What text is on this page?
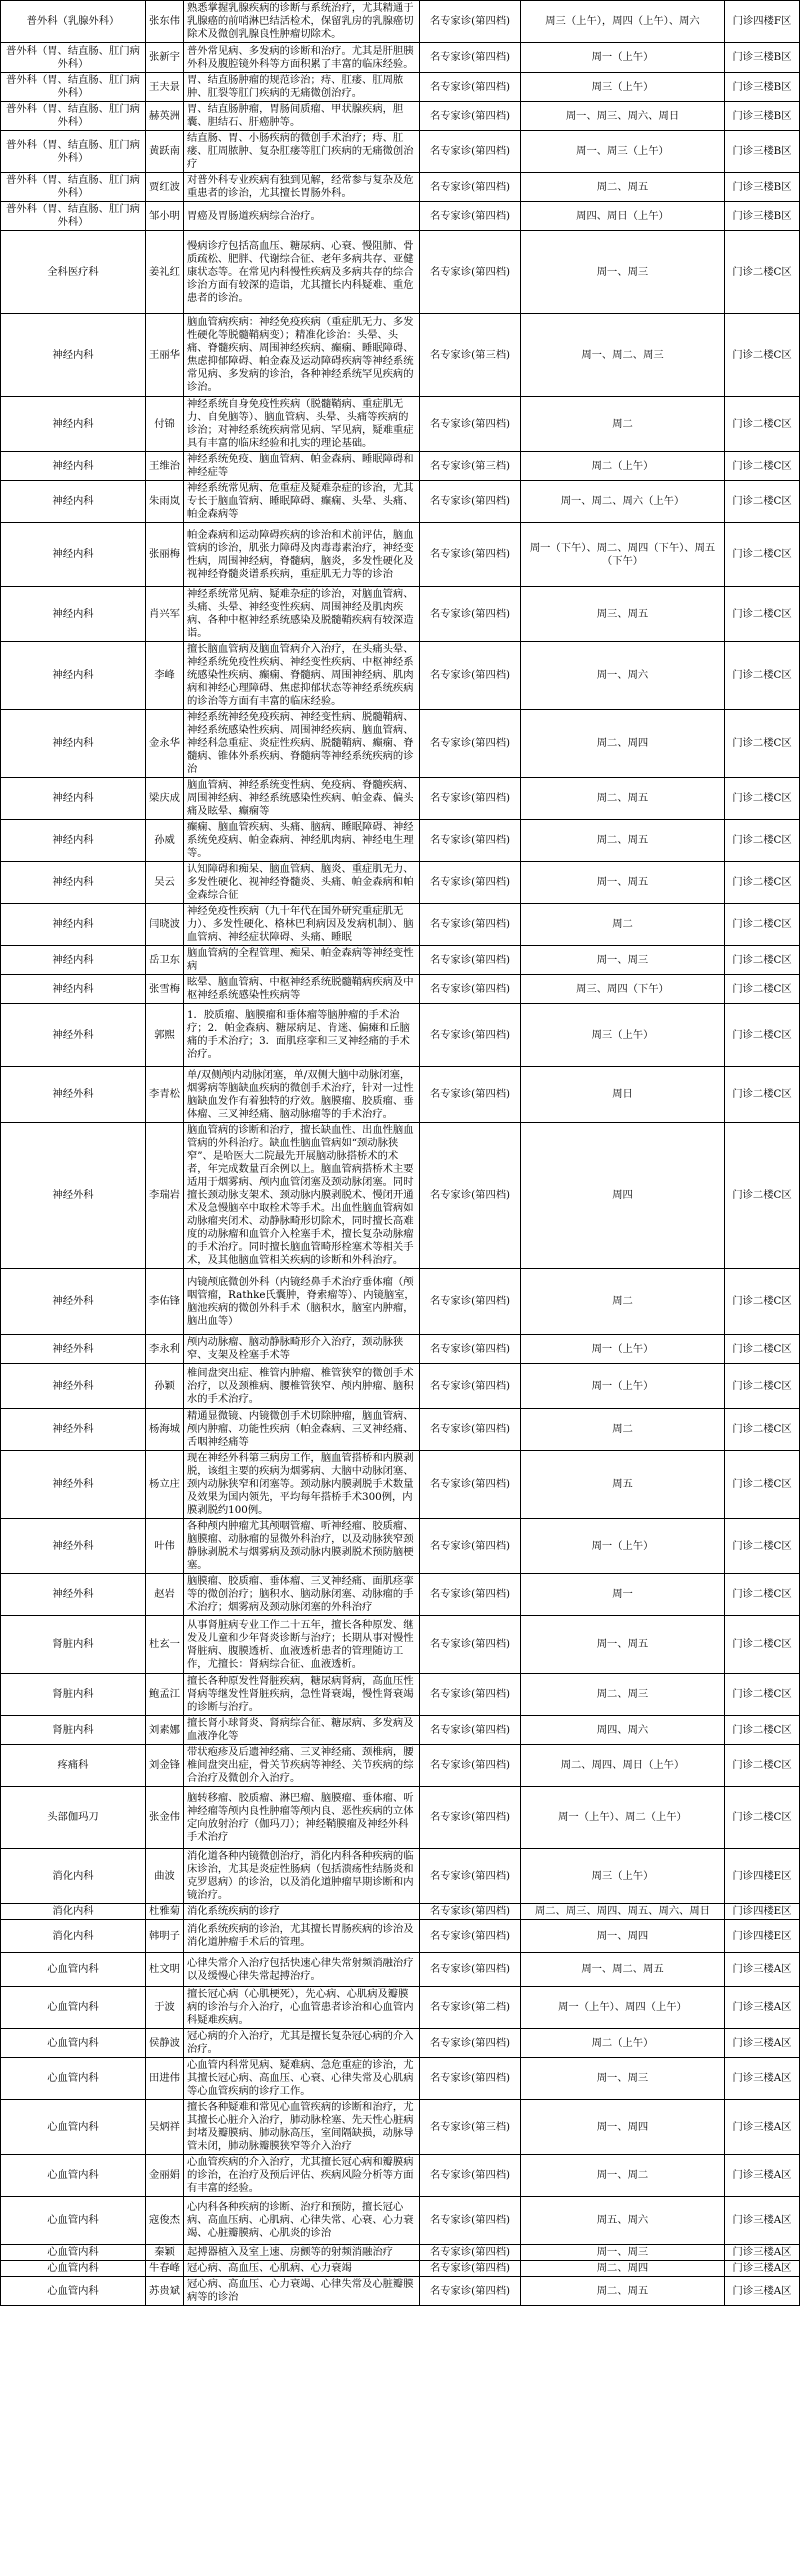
普外科（乳腺外科）	张东伟	熟悉掌握乳腺疾病的诊断与系统治疗，尤其精通于乳腺癌的前哨淋巴结活检术，保留乳房的乳腺癌切除术及微创乳腺良性肿瘤切除术。	名专家诊(第四档)	周三（上午），周四（上午）、周六	门诊四楼F区
普外科（胃、结直肠、肛门病外科）	张新宇	普外常见病、多发病的诊断和治疗。尤其是肝胆胰外科及腹腔镜外科等方面积累了丰富的临床经验。	名专家诊(第四档)	周一（上午）	门诊三楼B区
普外科（胃、结直肠、肛门病外科）	王夫景	胃、结直肠肿瘤的规范诊治；痔、肛瘘、肛周脓肿、肛裂等肛门疾病的无痛微创治疗。	名专家诊(第四档)	周三（上午）	门诊三楼B区
普外科（胃、结直肠、肛门病外科）	赫英洲	胃、结直肠肿瘤，胃肠间质瘤、甲状腺疾病，胆囊、胆结石、肝癌肿等。	名专家诊(第四档)	周一、周三、周六、周日	门诊三楼B区
普外科（胃、结直肠、肛门病外科）	黄跃南	结直肠、胃、小肠疾病的微创手术治疗；痔、肛瘘、肛周脓肿、复杂肛瘘等肛门疾病的无痛微创治疗	名专家诊(第四档)	周一、周三（上午）	门诊三楼B区
普外科（胃、结直肠、肛门病外科）	贾红波	对普外科专业疾病有独到见解，经常参与复杂及危重患者的诊治，尤其擅长胃肠外科。	名专家诊(第四档)	周二、周五	门诊三楼B区
普外科（胃、结直肠、肛门病外科）	邹小明	胃癌及胃肠道疾病综合治疗。	名专家诊(第四档)	周四、周日（上午）	门诊三楼B区
全科医疗科	姜礼红	慢病诊疗包括高血压、糖尿病、心衰、慢阻肺、骨质疏松、肥胖、代谢综合征、老年多病共存、亚健康状态等。在常见内科慢性疾病及多病共存的综合诊治方面有较深的造诣，尤其擅长内科疑难、重危患者的诊治。	名专家诊(第四档)	周一、周三	门诊二楼C区
神经内科	王丽华	脑血管病疾病：神经免疫疾病（重症肌无力、多发性硬化等脱髓鞘病变）；精准化诊治：头晕、头痛、脊髓疾病、周围神经疾病、癫痫、睡眠障碍、焦虑抑郁障碍、帕金森及运动障碍疾病等神经系统常见病、多发病的诊治，各种神经系统罕见疾病的诊治。	名专家诊(第三档)	周一、周二、周三	门诊二楼C区
神经内科	付锦	神经系统自身免疫性疾病（脱髓鞘病、重症肌无力、自免脑等）、脑血管病、头晕、头痛等疾病的诊治；对神经系统疾病常见病、罕见病，疑难重症具有丰富的临床经验和扎实的理论基础。	名专家诊(第四档)	周二	门诊二楼C区
神经内科	王维治	神经系统免疫、脑血管病、帕金森病、睡眠障碍和神经症等	名专家诊(第三档)	周二（上午）	门诊二楼C区
神经内科	朱雨岚	神经系统常见病、危重症及疑难杂症的诊治，尤其专长于脑血管病、睡眠障碍、癫痫、头晕、头痛、帕金森病等	名专家诊(第四档)	周一、周二、周六（上午）	门诊二楼C区
神经内科	张丽梅	帕金森病和运动障碍疾病的诊治和术前评估，脑血管病的诊治，肌张力障碍及肉毒毒素治疗，神经变性病，周围神经病，脊髓病，脑炎，多发性硬化及视神经脊髓炎谱系疾病，重症肌无力等的诊治	名专家诊(第四档)	周一（下午）、周二、周四（下午）、周五（下午）	门诊二楼C区
神经内科	肖兴军	神经系统常见病、疑难杂症的诊治，对脑血管病、头痛、头晕、神经变性疾病、周围神经及肌肉疾病、各种中枢神经系统感染及脱髓鞘疾病有较深造诣。	名专家诊(第四档)	周三、周五	门诊二楼C区
神经内科	李峰	擅长脑血管病及脑血管病介入治疗，在头痛头晕、神经系统免疫性疾病、神经变性疾病、中枢神经系统感染性疾病、癫痫、脊髓病、周围神经病、肌肉病和神经心理障碍、焦虑抑郁状态等神经系统疾病的诊治等方面有丰富的临床经验。	名专家诊(第四档)	周一、周六	门诊二楼C区
神经内科	金永华	神经系统神经免疫疾病、神经变性病、脱髓鞘病、神经系统感染性疾病、周围神经疾病、脑血管病、神经科急重症、炎症性疾病、脱髓鞘病、癫痫、脊髓病、锥体外系疾病、脊髓病等神经系统疾病的诊治	名专家诊(第四档)	周二、周四	门诊二楼C区
神经内科	梁庆成	脑血管病、神经系统变性病、免疫病、脊髓疾病、周围神经病、神经系统感染性疾病、帕金森、偏头痛及眩晕、癫痫等	名专家诊(第四档)	周二、周五	门诊二楼C区
神经内科	孙威	癫痫、脑血管疾病、头痛、脑病、睡眠障碍、神经系统免疫病、帕金森病、神经肌肉病、神经电生理等。	名专家诊(第四档)	周二、周五	门诊二楼C区
神经内科	吴云	认知障碍和痴呆、脑血管病、脑炎、重症肌无力、多发性硬化、视神经脊髓炎、头痛、帕金森病和帕金森综合征	名专家诊(第四档)	周一、周五	门诊二楼C区
神经内科	闫晓波	神经免疫性疾病（九十年代在国外研究重症肌无力）、多发性硬化、格林巴利病因及发病机制）、脑血管病、神经症状障碍、头痛、睡眠	名专家诊(第四档)	周二	门诊二楼C区
神经内科	岳卫东	脑血管病的全程管理、痴呆、帕金森病等神经变性病	名专家诊(第四档)	周一、周三	门诊二楼C区
神经内科	张雪梅	眩晕、脑血管病、中枢神经系统脱髓鞘病疾病及中枢神经系统感染性疾病等	名专家诊(第四档)	周三、周四（下午）	门诊二楼C区
神经外科	郭熙	1．胶质瘤、脑膜瘤和垂体瘤等脑肿瘤的手术治疗；2．帕金森病、糖尿病足、肯迷、偏瘫和丘脑痛的手术治疗；3．面肌痉挛和三叉神经痛的手术治疗。	名专家诊(第四档)	周三（上午）	门诊二楼C区
神经外科	李青松	单/双侧颅内动脉闭塞，单/双侧大脑中动脉闭塞，烟雾病等脑缺血疾病的微创手术治疗，针对一过性脑缺血发作有着独特的疗效。脑膜瘤、胶质瘤、垂体瘤、三叉神经痛、脑动脉瘤等的手术治疗。	名专家诊(第四档)	周日	门诊二楼C区
神经外科	李瑞岩	脑血管病的诊断和治疗，擅长缺血性、出血性脑血管病的外科治疗。缺血性脑血管病如“颈动脉狭窄”、是哈医大二院最先开展脑动脉搭桥术的术者，年完成数量百余例以上。脑血管病搭桥术主要适用于烟雾病、颅内血管闭塞及颈动脉闭塞。同时擅长颈动脉支架术、颈动脉内膜剥脱术、慢闭开通术及急慢脑卒中取栓术等手术。出血性脑血管病如动脉瘤夹闭术、动静脉畸形切除术，同时擅长高难度的动脉瘤和血管介入栓塞手术，擅长复杂动脉瘤的手术治疗。同时擅长脑血管畸形栓塞术等相关手术，及其他脑血管相关疾病的诊断和外科治疗。	名专家诊(第四档)	周四	门诊二楼C区
神经外科	李佑锋	内镜颅底微创外科（内镜经鼻手术治疗垂体瘤（颅咽管瘤，Rathke氏囊肿，脊索瘤等）、内镜脑室，脑池疾病的微创外科手术（脑积水，脑室内肿瘤，脑出血等）	名专家诊(第四档)	周二	门诊二楼C区
神经外科	李永利	颅内动脉瘤、脑动静脉畸形介入治疗，颈动脉狭窄、支架及栓塞手术等	名专家诊(第四档)	周一（上午）	门诊二楼C区
神经外科	孙颖	椎间盘突出症、椎管内肿瘤、椎管狭窄的微创手术治疗，以及颈椎病、腰椎管狭窄、颅内肿瘤、脑积水的手术治疗。	名专家诊(第四档)	周一（上午）	门诊二楼C区
神经外科	杨海城	精通显微镜、内镜微创手术切除肿瘤，脑血管病、颅内肿瘤、功能性疾病（帕金森病、三叉神经痛、舌咽神经痛等	名专家诊(第四档)	周二	门诊二楼C区
神经外科	杨立庄	现在神经外科第三病房工作，脑血管搭桥和内膜剥脱，该组主要的疾病为烟雾病、大脑中动脉闭塞、颈内动脉狭窄和闭塞等。颈动脉内膜剥脱手术数量及效果为国内领先，平均每年搭桥手术300例，内膜剥脱约100例。	名专家诊(第四档)	周五	门诊二楼C区
神经外科	叶伟	各种颅内肿瘤尤其颅咽管瘤、听神经瘤、胶质瘤、脑膜瘤、动脉瘤的显微外科治疗，以及动脉狭窄颈静脉剥脱术与烟雾病及颈动脉内膜剥脱术预防脑梗塞。	名专家诊(第四档)	周一（上午）	门诊二楼C区
神经外科	赵岩	脑膜瘤、胶质瘤、垂体瘤、三叉神经痛、面肌痉挛等的微创治疗；脑积水、脑动脉闭塞、动脉瘤的手术治疗；烟雾病及颈动脉闭塞的外科治疗	名专家诊(第四档)	周一	门诊二楼C区
肾脏内科	杜玄一	从事肾脏病专业工作二十五年，擅长各种原发、继发及儿童和少年肾炎诊断与治疗；长期从事对慢性肾脏病、腹膜透析、血液透析患者的管理随访工作，尤擅长：肾病综合征、血液透析。	名专家诊(第四档)	周一、周五	门诊二楼C区
肾脏内科	鲍孟江	擅长各种原发性肾脏疾病，糖尿病肾病，高血压性肾病等继发性肾脏疾病，急性肾衰竭，慢性肾衰竭的诊断与治疗。	名专家诊(第四档)	周二、周三	门诊二楼C区
肾脏内科	刘素娜	擅长肾小球肾炎、肾病综合征、糖尿病、多发病及血液净化等	名专家诊(第四档)	周四、周六	门诊二楼C区
疼痛科	刘金锋	带状疱疹及后遗神经痛、三叉神经痛、颈椎病，腰椎间盘突出症，骨关节疾病等神经、关节疾病的综合治疗及微创介入治疗。	名专家诊(第四档)	周二、周四、周日（上午）	门诊二楼C区
头部伽玛刀	张金伟	脑转移瘤、胶质瘤、淋巴瘤、脑膜瘤、垂体瘤、听神经瘤等颅内良性肿瘤等颅内良、恶性疾病的立体定向放射治疗（伽玛刀）；神经鞘膜瘤及神经外科手术治疗	名专家诊(第四档)	周一（上午）、周二（上午）	门诊二楼C区
消化内科	曲波	消化道各种内镜微创治疗，消化内科各种疾病的临床诊治，尤其是炎症性肠病（包括溃疡性结肠炎和克罗恩病）的诊治，以及消化道肿瘤早期诊断和内镜治疗。	名专家诊(第四档)	周三（上午）	门诊四楼E区
消化内科	杜雅菊	消化系统疾病的诊疗	名专家诊(第四档)	周二、周三、周四、周五、周六、周日	门诊四楼E区
消化内科	韩明子	消化系统疾病的诊治，尤其擅长胃肠疾病的诊治及消化道肿瘤手术后的管理。	名专家诊(第四档)	周一、周四	门诊四楼E区
心血管内科	杜文明	心律失常介入治疗包括快速心律失常射频消融治疗以及缓慢心律失常起搏治疗。	名专家诊(第四档)	周一、周二、周五	门诊三楼A区
心血管内科	于波	擅长冠心病（心肌梗死），先心病、心肌病及瓣膜病的诊治与介入治疗，心血管患者诊治和心血管内科疑难疾病。	名专家诊(第二档)	周一（上午）、周四（上午）	门诊三楼A区
心血管内科	侯静波	冠心病的介入治疗，尤其是擅长复杂冠心病的介入治疗。	名专家诊(第四档)	周二（上午）	门诊三楼A区
心血管内科	田进伟	心血管内科常见病、疑难病、急危重症的诊治，尤其擅长冠心病、高血压、心衰、心律失常及心肌病等心血管疾病的诊疗工作。	名专家诊(第四档)	周一、周三	门诊三楼A区
心血管内科	吴炳祥	擅长各种疑难和常见心血管疾病的诊断和治疗，尤其擅长心脏介入治疗，肺动脉栓塞、先天性心脏病封堵及瓣膜病、肺动脉高压，室间隔缺损，动脉导管未闭，肺动脉瓣膜狭窄等介入治疗	名专家诊(第三档)	周一、周四	门诊三楼A区
心血管内科	金丽娟	心血管疾病的介入治疗，尤其擅长冠心病和瓣膜病的诊治，在治疗及预后评估、疾病风险分析等方面有丰富的经验。	名专家诊(第四档)	周一、周二	门诊三楼A区
心血管内科	寇俊杰	心内科各种疾病的诊断、治疗和预防，擅长冠心病、高血压病、心肌病、心律失常、心衰、心力衰竭、心脏瓣膜病、心肌炎的诊治	名专家诊(第四档)	周五、周六	门诊三楼A区
心血管内科	秦颖	起搏器植入及室上速、房颤等的射频消融治疗	名专家诊(第四档)	周一、周三	门诊三楼A区
心血管内科	牛春峰	冠心病、高血压、心肌病、心力衰竭	名专家诊(第四档)	周二、周四	门诊三楼A区
心血管内科	苏贵斌	冠心病、高血压、心力衰竭、心律失常及心脏瓣膜病等的诊治	名专家诊(第四档)	周二、周五	门诊三楼A区
